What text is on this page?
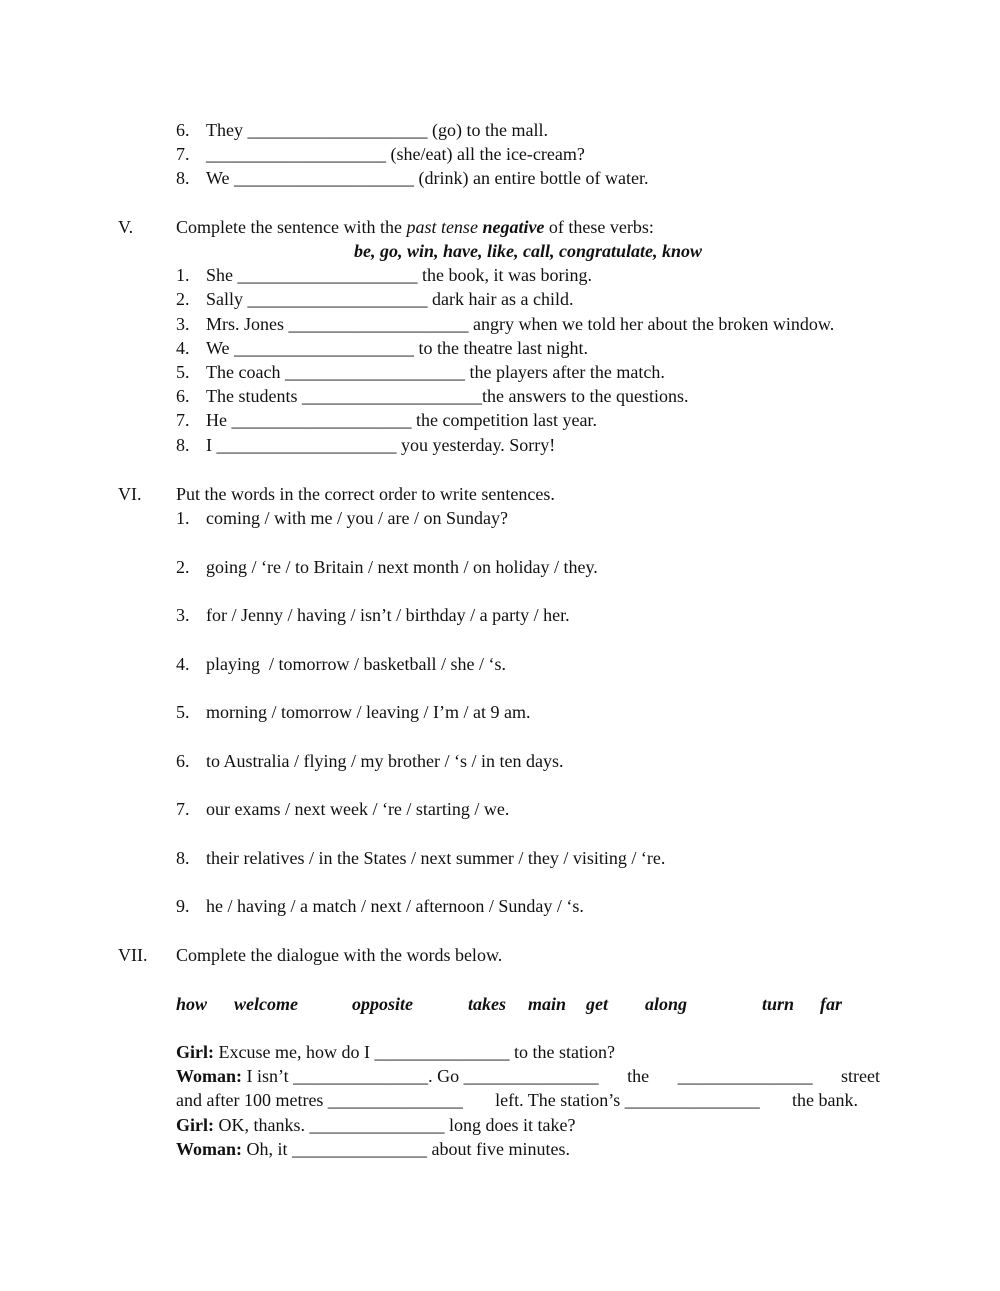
6. They ____________________ (go) to the mall.
7. ____________________ (she/eat) all the ice-cream?
8. We ____________________ (drink) an entire bottle of water.
V. Complete the sentence with the past tense negative of these verbs:
be, go, win, have, like, call, congratulate, know
1. She ____________________ the book, it was boring.
2. Sally ____________________ dark hair as a child.
3. Mrs. Jones ____________________ angry when we told her about the broken window.
4. We ____________________ to the theatre last night.
5. The coach ____________________ the players after the match.
6. The students ____________________the answers to the questions.
7. He ____________________ the competition last year.
8. I ____________________ you yesterday. Sorry!
VI. Put the words in the correct order to write sentences.
1. coming / with me / you / are / on Sunday?
2. going / ‘re / to Britain / next month / on holiday / they.
3. for / Jenny / having / isn’t / birthday / a party / her.
4. playing  / tomorrow / basketball / she / ‘s.
5. morning / tomorrow / leaving / I’m / at 9 am.
6. to Australia / flying / my brother / ‘s / in ten days.
7. our exams / next week / ‘re / starting / we.
8. their relatives / in the States / next summer / they / visiting / ‘re.
9. he / having / a match / next / afternoon / Sunday / ‘s.
VII. Complete the dialogue with the words below.
how welcome	opposite	takes main get along	turn far
Girl: Excuse me, how do I _______________ to the station?
Woman: I isn’t _______________. Go _______________ the _______________ street
and after 100 metres _______________ left. The station’s _______________ the bank.
Girl: OK, thanks. _______________ long does it take?
Woman: Oh, it _______________ about five minutes.
